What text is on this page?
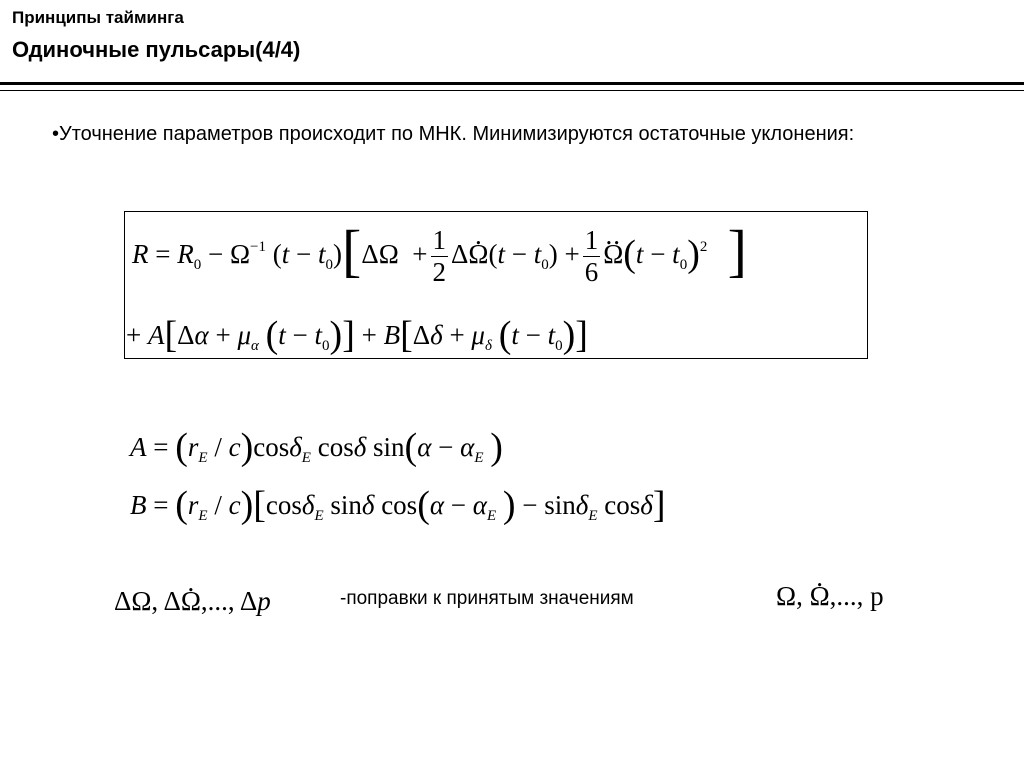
Принципы тайминга
Одиночные пульсары(4/4)
•Уточнение параметров происходит по МНК. Минимизируются остаточные уклонения:
$R = R_0 - \Omega^{-1}$ $(t - t_0)[\Delta\Omega + \frac{1}{2}$ ΔΩ $.(t - t_0) + \frac{1}{6}$ Ω $..(t - t_0)^2$ ]
+ $A[\Delta\alpha + \mu_\alpha$ $(t - t_0)] + B[\Delta\delta + \mu_\delta$ $(t - t_0)$]
$A = (r_E / c)\cos\delta_E$ cosδ $\sin(\alpha - \alpha_E$ )
$B = (r_E / c)[\cos\delta_E$ sinδ $\cos(\alpha - \alpha_E$ ) − sinδ$_E$ cosδ]
ΔΩ, ΔΩ .,..., Δp	-поправки к принятым значениям	Ω, Ω .,..., p
